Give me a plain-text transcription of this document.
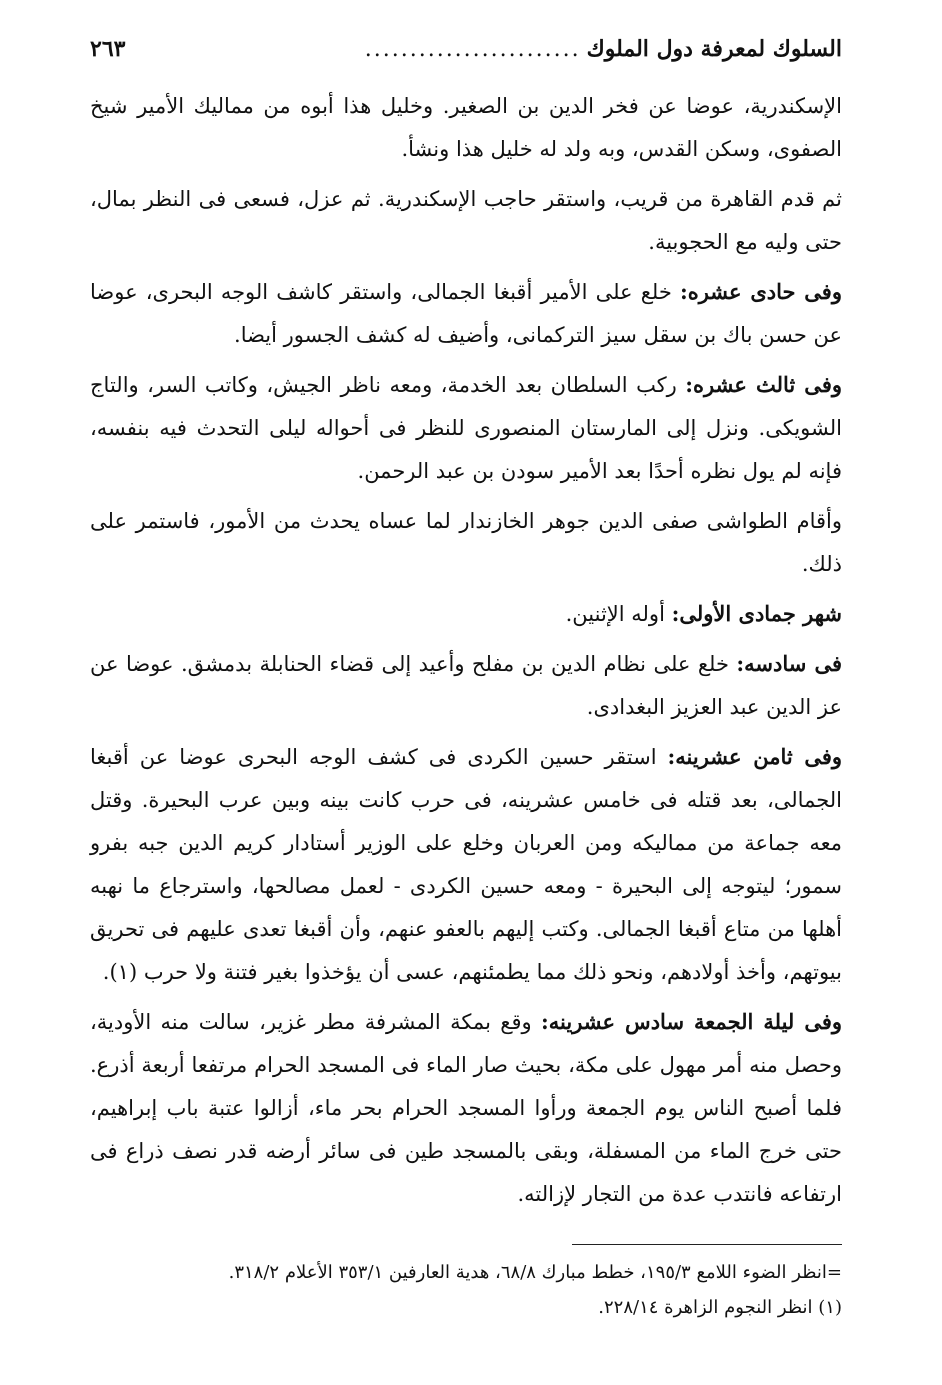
السلوك لمعرفة دول الملوك
........................
٢٦٣

الإسكندرية، عوضا عن فخر الدين بن الصغير. وخليل هذا أبوه من مماليك الأمير شيخ الصفوى، وسكن القدس، وبه ولد له خليل هذا ونشأ.

ثم قدم القاهرة من قريب، واستقر حاجب الإسكندرية. ثم عزل، فسعى فى النظر بمال، حتى وليه مع الحجوبية.

وفى حادى عشره: خلع على الأمير أقبغا الجمالى، واستقر كاشف الوجه البحرى، عوضا عن حسن باك بن سقل سيز التركمانى، وأضيف له كشف الجسور أيضا.

وفى ثالث عشره: ركب السلطان بعد الخدمة، ومعه ناظر الجيش، وكاتب السر، والتاج الشويكى. ونزل إلى المارستان المنصورى للنظر فى أحواله ليلى التحدث فيه بنفسه، فإنه لم يول نظره أحدًا بعد الأمير سودن بن عبد الرحمن.

وأقام الطواشى صفى الدين جوهر الخازندار لما عساه يحدث من الأمور، فاستمر على ذلك.

شهر جمادى الأولى: أوله الإثنين.

فى سادسه: خلع على نظام الدين بن مفلح وأعيد إلى قضاء الحنابلة بدمشق. عوضا عن عز الدين عبد العزيز البغدادى.

وفى ثامن عشرينه: استقر حسين الكردى فى كشف الوجه البحرى عوضا عن أقبغا الجمالى، بعد قتله فى خامس عشرينه، فى حرب كانت بينه وبين عرب البحيرة. وقتل معه جماعة من مماليكه ومن العربان وخلع على الوزير أستادار كريم الدين جبه بفرو سمور؛ ليتوجه إلى البحيرة - ومعه حسين الكردى - لعمل مصالحها، واسترجاع ما نهبه أهلها من متاع أقبغا الجمالى. وكتب إليهم بالعفو عنهم، وأن أقبغا تعدى عليهم فى تحريق بيوتهم، وأخذ أولادهم، ونحو ذلك مما يطمئنهم، عسى أن يؤخذوا بغير فتنة ولا حرب (١).

وفى ليلة الجمعة سادس عشرينه: وقع بمكة المشرفة مطر غزير، سالت منه الأودية، وحصل منه أمر مهول على مكة، بحيث صار الماء فى المسجد الحرام مرتفعا أربعة أذرع. فلما أصبح الناس يوم الجمعة ورأوا المسجد الحرام بحر ماء، أزالوا عتبة باب إبراهيم، حتى خرج الماء من المسفلة، وبقى بالمسجد طين فى سائر أرضه قدر نصف ذراع فى ارتفاعه فانتدب عدة من التجار لإزالته.

=انظر الضوء اللامع ١٩٥/٣، خطط مبارك ٦٨/٨، هدية العارفين ٣٥٣/١ الأعلام ٣١٨/٢.

(١) انظر النجوم الزاهرة ٢٢٨/١٤.
